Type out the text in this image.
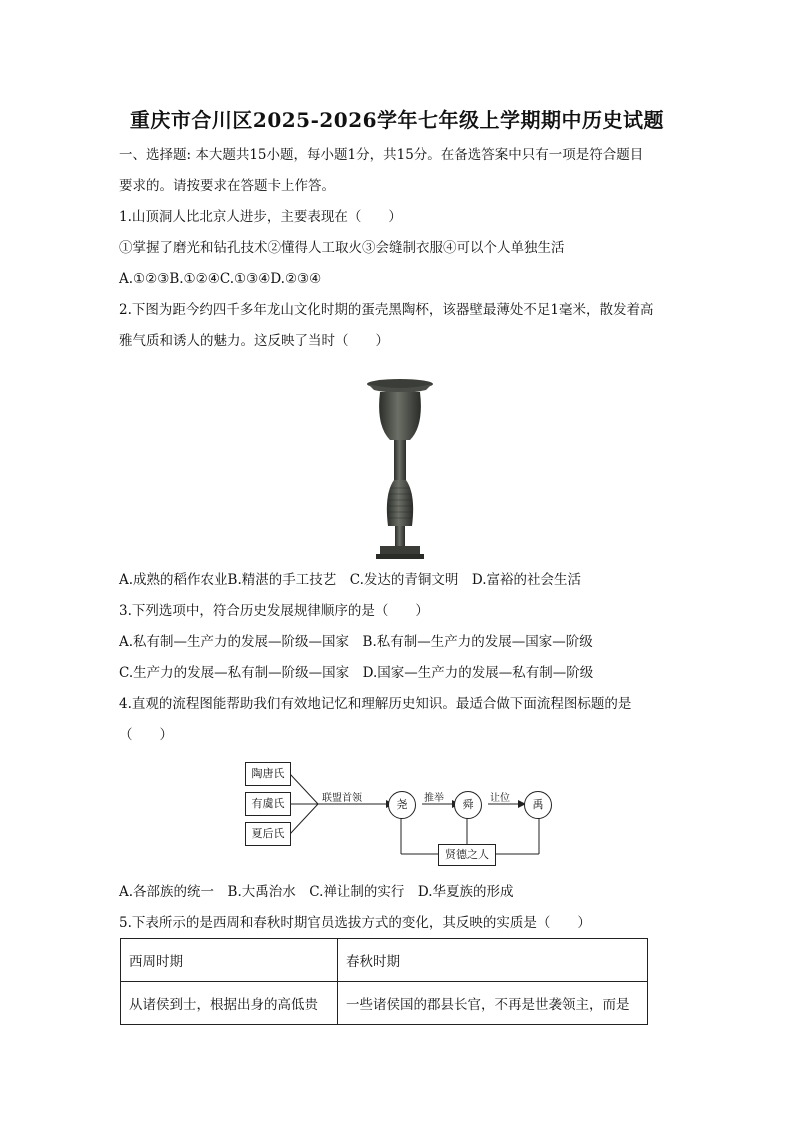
重庆市合川区2025-2026学年七年级上学期期中历史试题
一、选择题: 本大题共15小题，每小题1分，共15分。在备选答案中只有一项是符合题目
要求的。请按要求在答题卡上作答。
1.山顶洞人比北京人进步，主要表现在（　　）
①掌握了磨光和钻孔技术②懂得人工取火③会缝制衣服④可以个人单独生活
A.①②③B.①②④C.①③④D.②③④
2.下图为距今约四千多年龙山文化时期的蛋壳黑陶杯，该器壁最薄处不足1毫米，散发着高
雅气质和诱人的魅力。这反映了当时（　　）
A.成熟的稻作农业B.精湛的手工技艺　C.发达的青铜文明　D.富裕的社会生活
3.下列选项中，符合历史发展规律顺序的是（　　）
A.私有制—生产力的发展—阶级—国家　B.私有制—生产力的发展—国家—阶级
C.生产力的发展—私有制—阶级—国家　D.国家—生产力的发展—私有制—阶级
4.直观的流程图能帮助我们有效地记忆和理解历史知识。最适合做下面流程图标题的是
（　　）
陶唐氏
有虞氏
夏后氏
联盟首领	尧	推举	舜	让位	禹
贤德之人
A.各部族的统一　B.大禹治水　C.禅让制的实行　D.华夏族的形成
5.下表所示的是西周和春秋时期官员选拔方式的变化，其反映的实质是（　　）
西周时期	春秋时期
从诸侯到士，根据出身的高低贵	一些诸侯国的郡县长官，不再是世袭领主，而是
